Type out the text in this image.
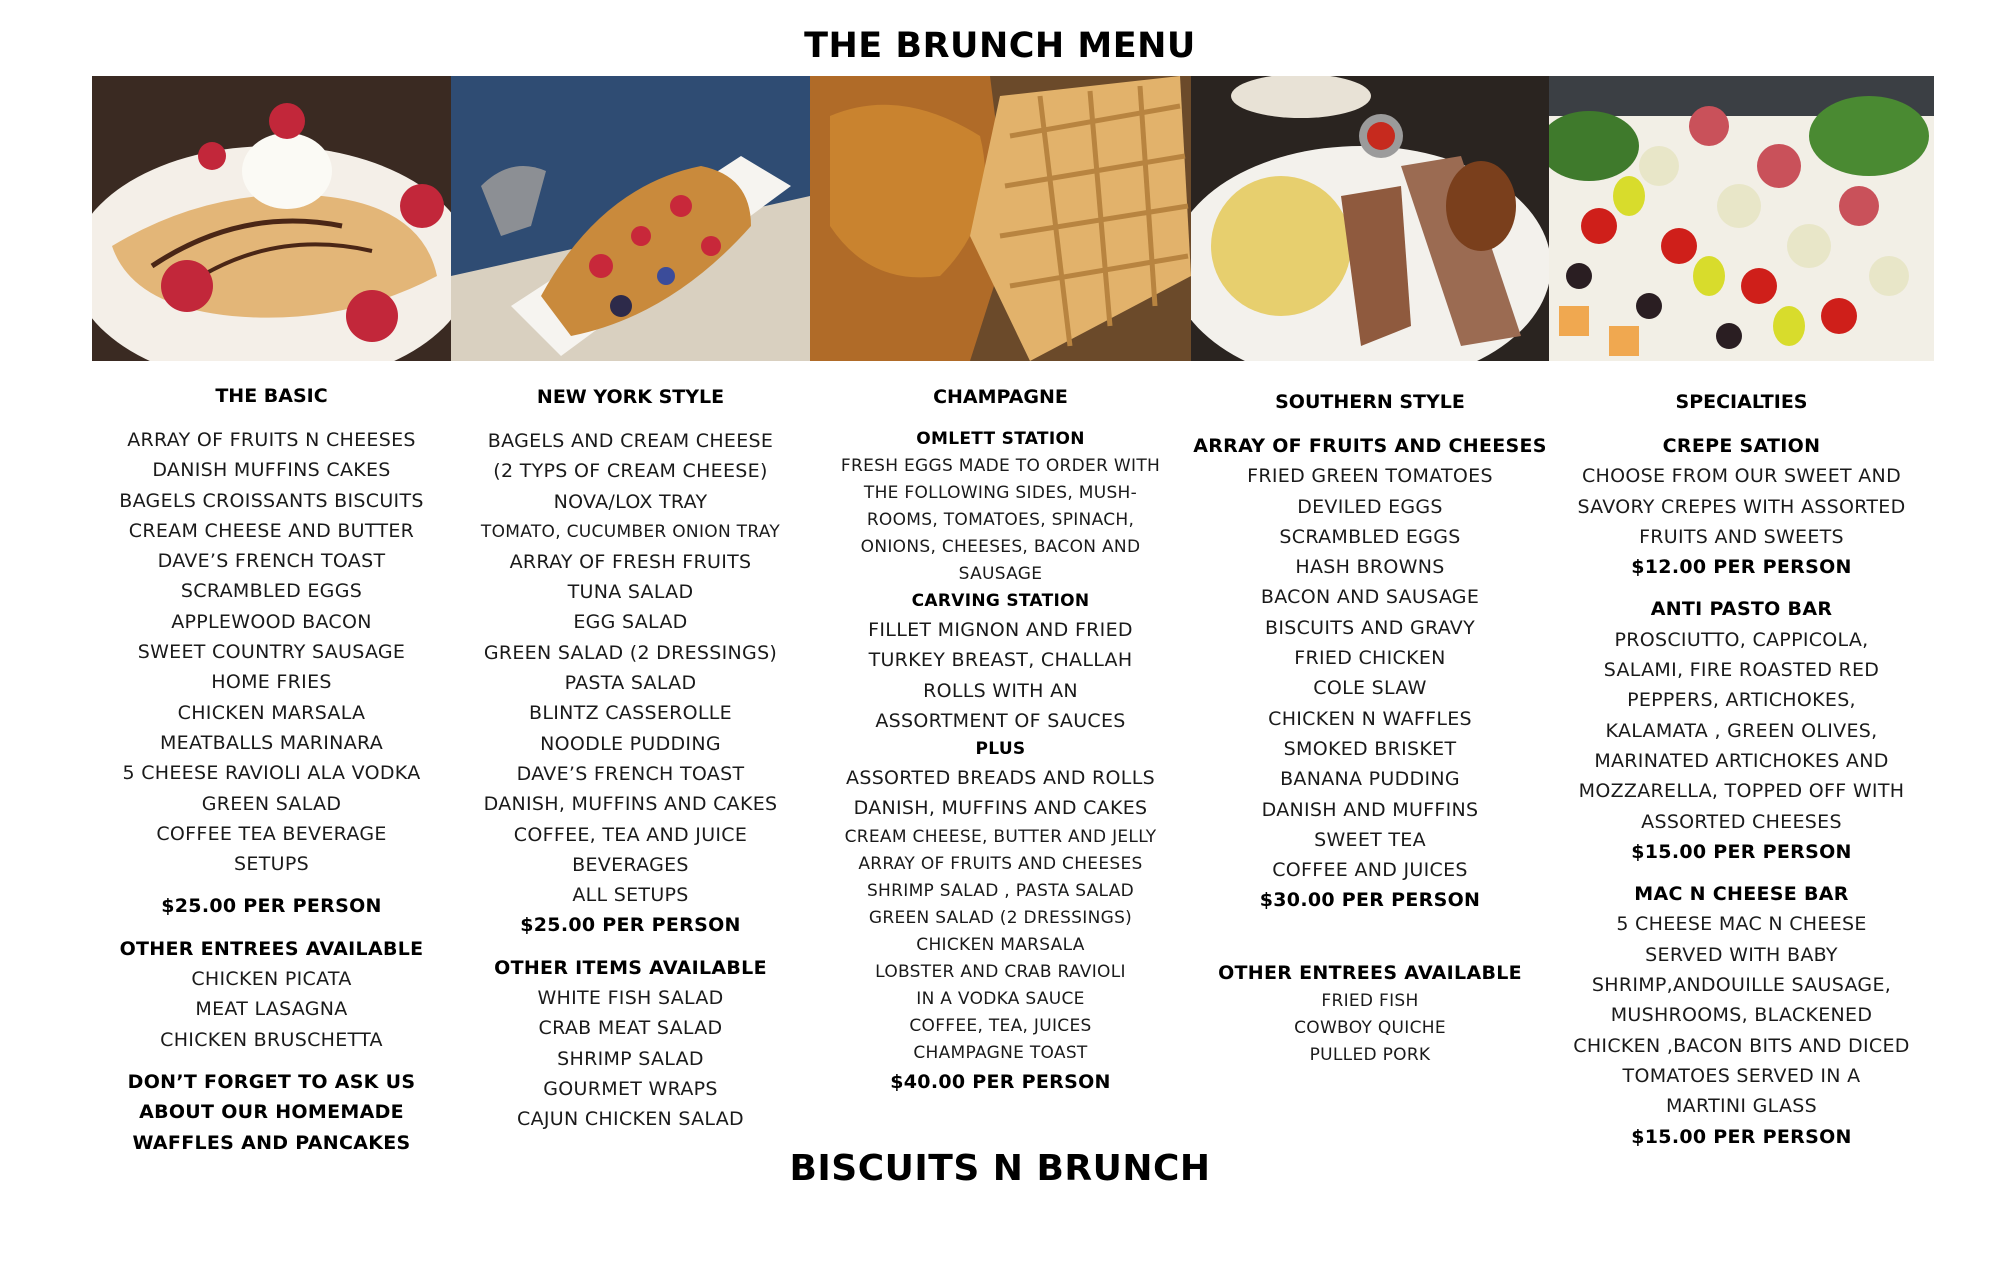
THE BRUNCH MENU
THE BASIC
ARRAY OF FRUITS N CHEESES
DANISH MUFFINS CAKES
BAGELS CROISSANTS BISCUITS
CREAM CHEESE AND BUTTER
DAVE’S FRENCH TOAST
SCRAMBLED EGGS
APPLEWOOD BACON
SWEET COUNTRY SAUSAGE
HOME FRIES
CHICKEN MARSALA
MEATBALLS MARINARA
5 CHEESE RAVIOLI ALA VODKA
GREEN SALAD
COFFEE TEA BEVERAGE
SETUPS
$25.00 PER PERSON
OTHER ENTREES AVAILABLE
CHICKEN PICATA
MEAT LASAGNA
CHICKEN BRUSCHETTA
DON’T FORGET TO ASK US
ABOUT OUR HOMEMADE
WAFFLES AND PANCAKES
NEW YORK STYLE
BAGELS AND CREAM CHEESE
(2 TYPS OF CREAM CHEESE)
NOVA/LOX TRAY
TOMATO, CUCUMBER ONION TRAY
ARRAY OF FRESH FRUITS
TUNA SALAD
EGG SALAD
GREEN SALAD (2 DRESSINGS)
PASTA SALAD
BLINTZ CASSEROLLE
NOODLE PUDDING
DAVE’S FRENCH TOAST
DANISH, MUFFINS AND CAKES
COFFEE, TEA AND JUICE
BEVERAGES
ALL SETUPS
$25.00 PER PERSON
OTHER ITEMS AVAILABLE
WHITE FISH SALAD
CRAB MEAT SALAD
SHRIMP SALAD
GOURMET WRAPS
CAJUN CHICKEN SALAD
CHAMPAGNE
OMLETT STATION
FRESH EGGS MADE TO ORDER WITH
THE FOLLOWING SIDES, MUSH-
ROOMS, TOMATOES, SPINACH,
ONIONS, CHEESES, BACON AND
SAUSAGE
CARVING STATION
FILLET MIGNON AND FRIED
TURKEY BREAST, CHALLAH
ROLLS WITH AN
ASSORTMENT OF SAUCES
PLUS
ASSORTED BREADS AND ROLLS
DANISH, MUFFINS AND CAKES
CREAM CHEESE, BUTTER AND JELLY
ARRAY OF FRUITS AND CHEESES
SHRIMP SALAD , PASTA SALAD
GREEN SALAD (2 DRESSINGS)
CHICKEN MARSALA
LOBSTER AND CRAB RAVIOLI
IN A VODKA SAUCE
COFFEE, TEA, JUICES
CHAMPAGNE TOAST
$40.00 PER PERSON
SOUTHERN STYLE
ARRAY OF FRUITS AND CHEESES
FRIED GREEN TOMATOES
DEVILED EGGS
SCRAMBLED EGGS
HASH BROWNS
BACON AND SAUSAGE
BISCUITS AND GRAVY
FRIED CHICKEN
COLE SLAW
CHICKEN N WAFFLES
SMOKED BRISKET
BANANA PUDDING
DANISH AND MUFFINS
SWEET TEA
COFFEE AND JUICES
$30.00 PER PERSON
OTHER ENTREES AVAILABLE
FRIED FISH
COWBOY QUICHE
PULLED PORK
SPECIALTIES
CREPE SATION
CHOOSE FROM OUR SWEET AND
SAVORY CREPES WITH ASSORTED
FRUITS AND SWEETS
$12.00 PER PERSON
ANTI PASTO BAR
PROSCIUTTO, CAPPICOLA,
SALAMI, FIRE ROASTED RED
PEPPERS, ARTICHOKES,
KALAMATA , GREEN OLIVES,
MARINATED ARTICHOKES AND
MOZZARELLA, TOPPED OFF WITH
ASSORTED CHEESES
$15.00 PER PERSON
MAC N CHEESE BAR
5 CHEESE MAC N CHEESE
SERVED WITH BABY
SHRIMP,ANDOUILLE SAUSAGE,
MUSHROOMS, BLACKENED
CHICKEN ,BACON BITS AND DICED
TOMATOES SERVED IN A
MARTINI GLASS
$15.00 PER PERSON
BISCUITS N BRUNCH
